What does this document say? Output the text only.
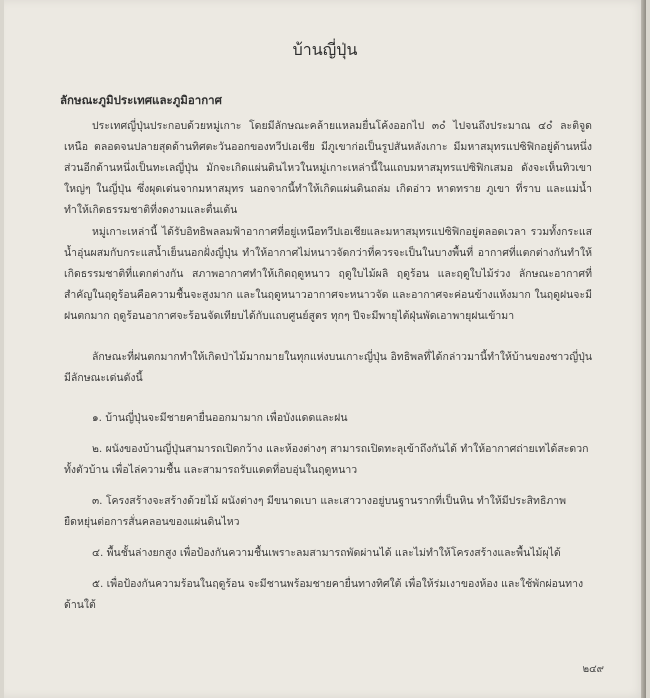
บ้านญี่ปุ่น
ลักษณะภูมิประเทศและภูมิอากาศ

ประเทศญี่ปุ่นประกอบด้วยหมู่เกาะ โดยมีลักษณะคล้ายแหลมยื่นโค้งออกไป ๓๐ํ ไปจนถึงประมาณ ๔๐ํ ละติจูดเหนือ ตลอดจนปลายสุดด้านทิศตะวันออกของทวีปเอเชีย มีภูเขาก่อเป็นรูปสันหลังเกาะ มีมหาสมุทรแปซิฟิกอยู่ด้านหนึ่ง ส่วนอีกด้านหนึ่งเป็นทะเลญี่ปุ่น มักจะเกิดแผ่นดินไหวในหมู่เกาะเหล่านี้ในแถบมหาสมุทรแปซิฟิกเสมอ ดังจะเห็นทิวเขาใหญ่ๆ ในญี่ปุ่น ซึ่งผุดเด่นจากมหาสมุทร นอกจากนี้ทำให้เกิดแผ่นดินถล่ม เกิดอ่าว หาดทราย ภูเขา ที่ราบ และแม่น้ำ ทำให้เกิดธรรมชาติที่งดงามและตื่นเต้น

หมู่เกาะเหล่านี้ ได้รับอิทธิพลลมฟ้าอากาศที่อยู่เหนือทวีปเอเชียและมหาสมุทรแปซิฟิกอยู่ตลอดเวลา รวมทั้งกระแสน้ำอุ่นผสมกับกระแสน้ำเย็นนอกฝั่งญี่ปุ่น ทำให้อากาศไม่หนาวจัดกว่าที่ควรจะเป็นในบางพื้นที่ อากาศที่แตกต่างกันทำให้เกิดธรรมชาติที่แตกต่างกัน สภาพอากาศทำให้เกิดฤดูหนาว ฤดูใบไม้ผลิ ฤดูร้อน และฤดูใบไม้ร่วง ลักษณะอากาศที่สำคัญในฤดูร้อนคือความชื้นจะสูงมาก และในฤดูหนาวอากาศจะหนาวจัด และอากาศจะค่อนข้างแห้งมาก ในฤดูฝนจะมีฝนตกมาก ฤดูร้อนอากาศจะร้อนจัดเทียบได้กับแถบศูนย์สูตร ทุกๆ ปีจะมีพายุไต้ฝุ่นพัดเอาพายุฝนเข้ามา

ลักษณะที่ฝนตกมากทำให้เกิดป่าไม้มากมายในทุกแห่งบนเกาะญี่ปุ่น อิทธิพลที่ได้กล่าวมานี้ทำให้บ้านของชาวญี่ปุ่นมีลักษณะเด่นดังนี้

๑. บ้านญี่ปุ่นจะมีชายคายื่นออกมามาก เพื่อบังแดดและฝน

๒. ผนังของบ้านญี่ปุ่นสามารถเปิดกว้าง และห้องต่างๆ สามารถเปิดทะลุเข้าถึงกันได้ ทำให้อากาศถ่ายเทได้สะดวกทั้งตัวบ้าน เพื่อไล่ความชื้น และสามารถรับแดดที่อบอุ่นในฤดูหนาว

๓. โครงสร้างจะสร้างด้วยไม้ ผนังต่างๆ มีขนาดเบา และเสาวางอยู่บนฐานรากที่เป็นหิน ทำให้มีประสิทธิภาพยืดหยุ่นต่อการสั่นคลอนของแผ่นดินไหว

๔. พื้นชั้นล่างยกสูง เพื่อป้องกันความชื้นเพราะลมสามารถพัดผ่านได้ และไม่ทำให้โครงสร้างและพื้นไม้ผุได้

๕. เพื่อป้องกันความร้อนในฤดูร้อน จะมีชานพร้อมชายคายื่นทางทิศใต้ เพื่อให้ร่มเงาของห้อง และใช้พักผ่อนทางด้านใต้

๒๔๙
